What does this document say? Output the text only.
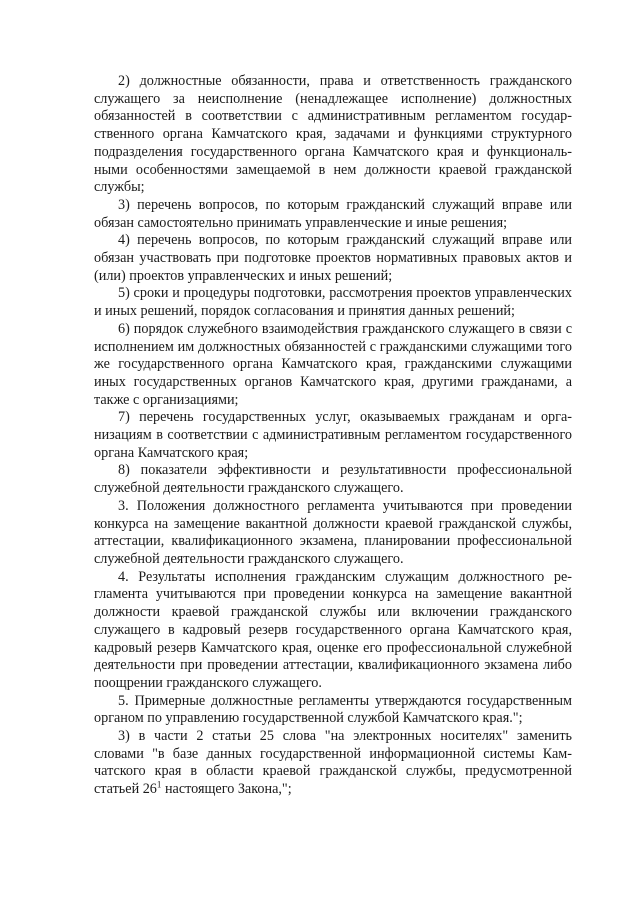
2) должностные обязанности, права и ответственность гражданского служащего за неисполнение (ненадлежащее исполнение) должностных обязанностей в соответствии с административным регламентом государственного органа Камчатского края, задачами и функциями структурного подразделения государственного органа Камчатского края и функциональными особенностями замещаемой в нем должности краевой гражданской службы;

3) перечень вопросов, по которым гражданский служащий вправе или обязан самостоятельно принимать управленческие и иные решения;

4) перечень вопросов, по которым гражданский служащий вправе или обязан участвовать при подготовке проектов нормативных правовых актов и (или) проектов управленческих и иных решений;

5) сроки и процедуры подготовки, рассмотрения проектов управленческих и иных решений, порядок согласования и принятия данных решений;

6) порядок служебного взаимодействия гражданского служащего в связи с исполнением им должностных обязанностей с гражданскими служащими того же государственного органа Камчатского края, гражданскими служащими иных государственных органов Камчатского края, другими гражданами, а также с организациями;

7) перечень государственных услуг, оказываемых гражданам и организациям в соответствии с административным регламентом государственного органа Камчатского края;

8) показатели эффективности и результативности профессиональной служебной деятельности гражданского служащего.

3. Положения должностного регламента учитываются при проведении конкурса на замещение вакантной должности краевой гражданской службы, аттестации, квалификационного экзамена, планировании профессиональной служебной деятельности гражданского служащего.

4. Результаты исполнения гражданским служащим должностного регламента учитываются при проведении конкурса на замещение вакантной должности краевой гражданской службы или включении гражданского служащего в кадровый резерв государственного органа Камчатского края, кадровый резерв Камчатского края, оценке его профессиональной служебной деятельности при проведении аттестации, квалификационного экзамена либо поощрении гражданского служащего.

5. Примерные должностные регламенты утверждаются государственным органом по управлению государственной службой Камчатского края.";

3) в части 2 статьи 25 слова "на электронных носителях" заменить словами "в базе данных государственной информационной системы Камчатского края в области краевой гражданской службы, предусмотренной статьей $26^1$ настоящего Закона,";
